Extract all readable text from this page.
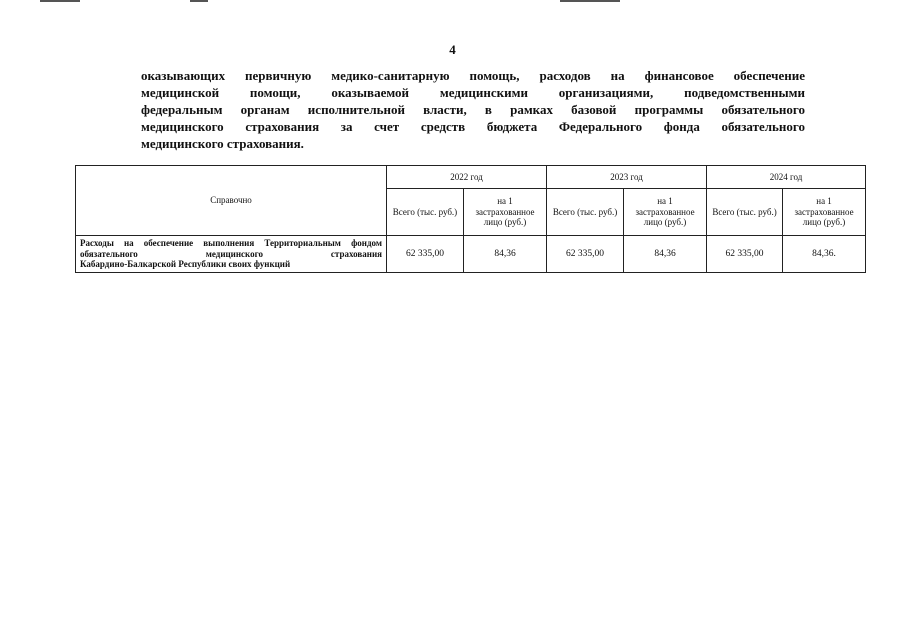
4
оказывающих первичную медико-санитарную помощь, расходов на финансовое обеспечение
медицинской помощи, оказываемой медицинскими организациями, подведомственными
федеральным органам исполнительной власти, в рамках базовой программы обязательного
медицинского страхования за счет средств бюджета Федерального фонда обязательного
медицинского страхования.
Справочно	2022 год		2023 год		2024 год	
	Всего (тыс. руб.)	на 1 застрахованное лицо (руб.)	Всего (тыс. руб.)	на 1 застрахованное лицо (руб.)	Всего (тыс. руб.)	на 1 застрахованное лицо (руб.)
Расходы на обеспечение выполнения Территориальным фондом обязательного медицинского страхования
Кабардино-Балкарской Республики своих функций	62 335,00	84,36	62 335,00	84,36	62 335,00	84,36.
